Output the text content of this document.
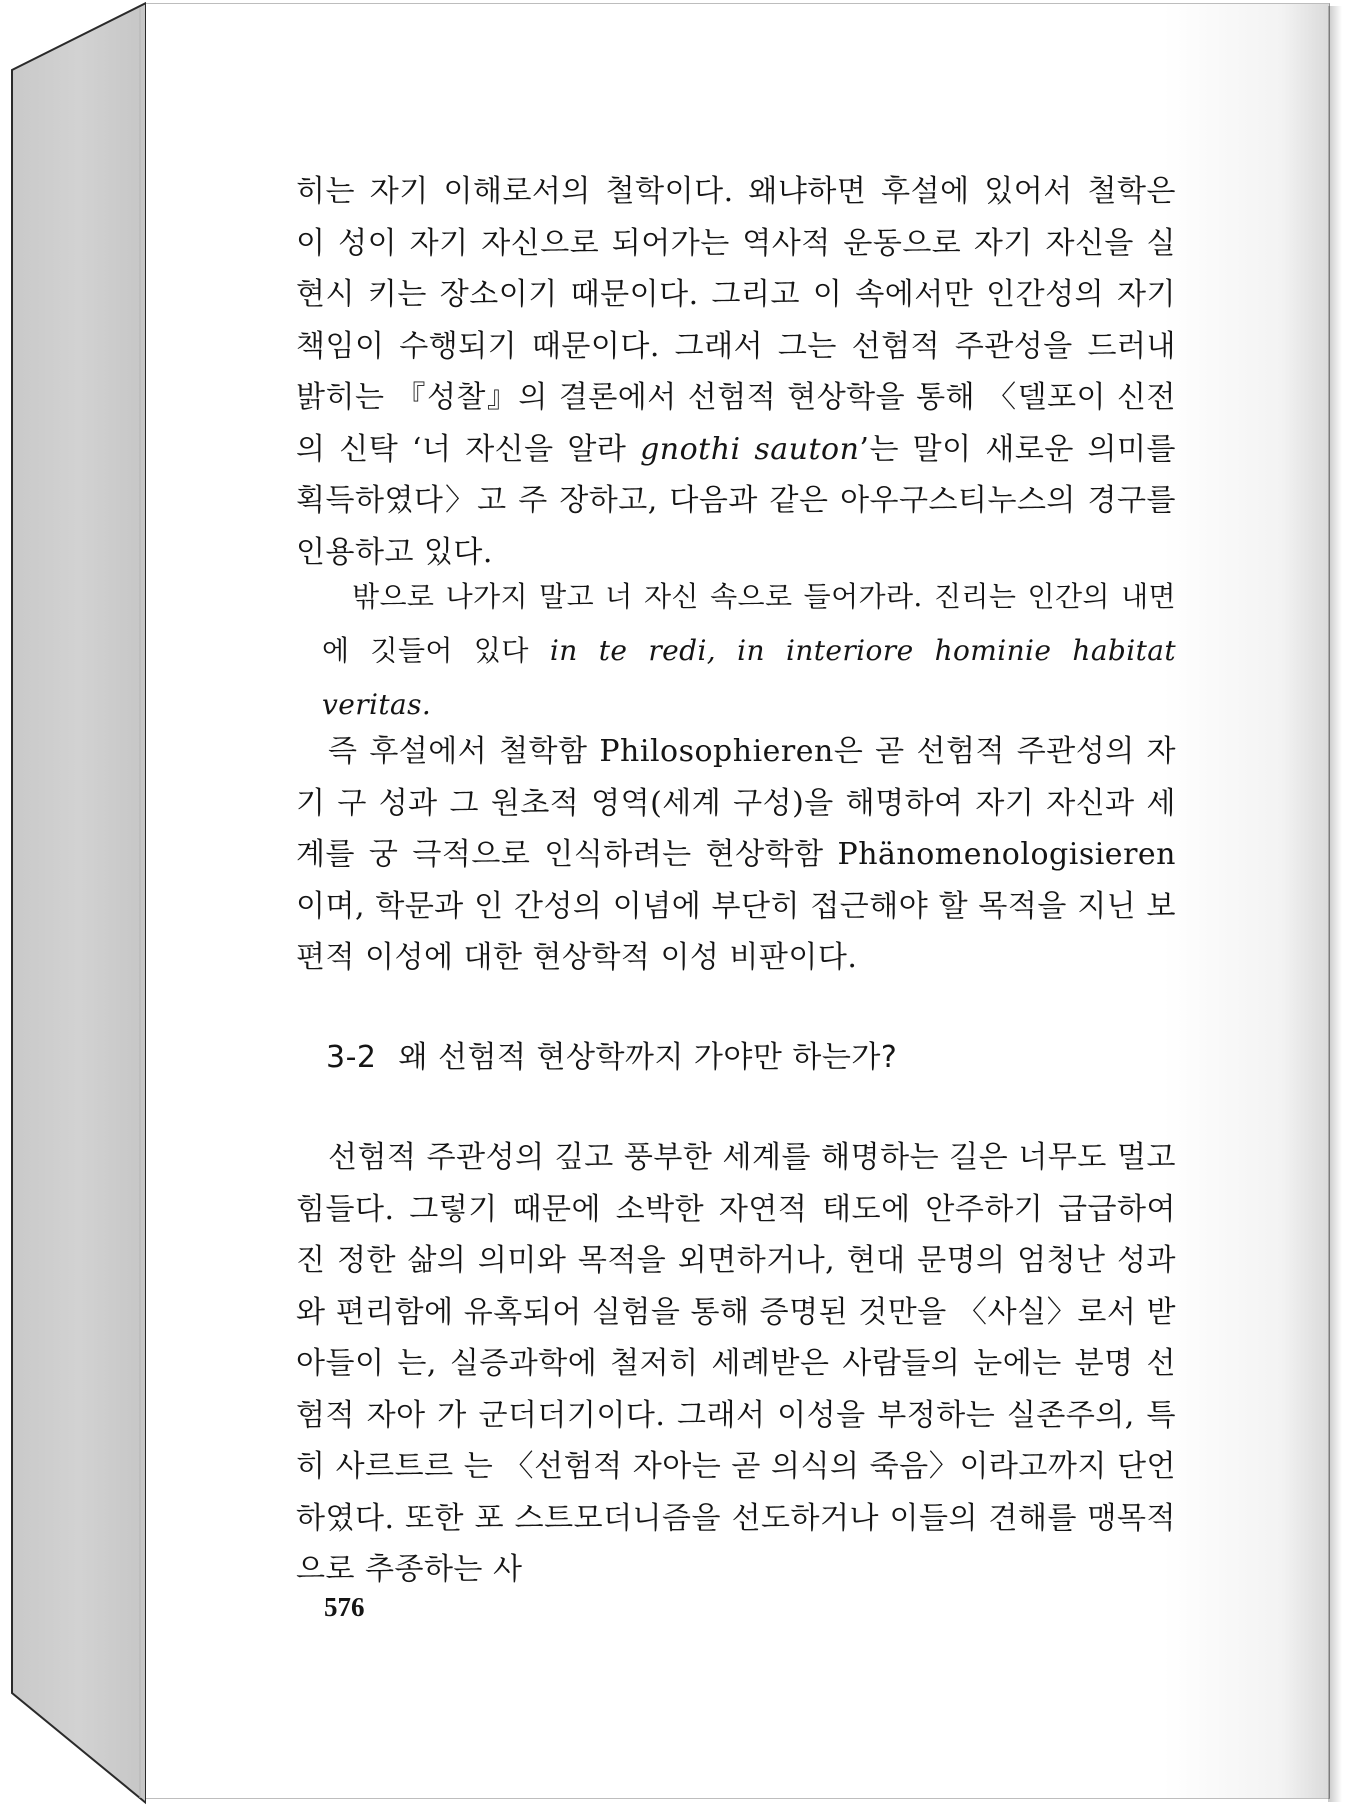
히는 자기 이해로서의 철학이다. 왜냐하면 후설에 있어서 철학은 이 성이 자기 자신으로 되어가는 역사적 운동으로 자기 자신을 실현시 키는 장소이기 때문이다. 그리고 이 속에서만 인간성의 자기 책임이 수행되기 때문이다. 그래서 그는 선험적 주관성을 드러내 밝히는 『성찰』의 결론에서 선험적 현상학을 통해 〈델포이 신전의 신탁 ‘너 자신을 알라 gnothi sauton’는 말이 새로운 의미를 획득하였다〉고 주 장하고, 다음과 같은 아우구스티누스의 경구를 인용하고 있다.

밖으로 나가지 말고 너 자신 속으로 들어가라. 진리는 인간의 내면에 깃들어 있다 in te redi, in interiore hominie habitat veritas.

즉 후설에서 철학함 Philosophieren은 곧 선험적 주관성의 자기 구 성과 그 원초적 영역(세계 구성)을 해명하여 자기 자신과 세계를 궁 극적으로 인식하려는 현상학함 Phänomenologisieren이며, 학문과 인 간성의 이념에 부단히 접근해야 할 목적을 지닌 보편적 이성에 대한 현상학적 이성 비판이다.

3-2 왜 선험적 현상학까지 가야만 하는가?

선험적 주관성의 깊고 풍부한 세계를 해명하는 길은 너무도 멀고 힘들다. 그렇기 때문에 소박한 자연적 태도에 안주하기 급급하여 진 정한 삶의 의미와 목적을 외면하거나, 현대 문명의 엄청난 성과와 편리함에 유혹되어 실험을 통해 증명된 것만을 〈사실〉로서 받아들이 는, 실증과학에 철저히 세례받은 사람들의 눈에는 분명 선험적 자아 가 군더더기이다. 그래서 이성을 부정하는 실존주의, 특히 사르트르 는 〈선험적 자아는 곧 의식의 죽음〉이라고까지 단언하였다. 또한 포 스트모더니즘을 선도하거나 이들의 견해를 맹목적으로 추종하는 사

576
